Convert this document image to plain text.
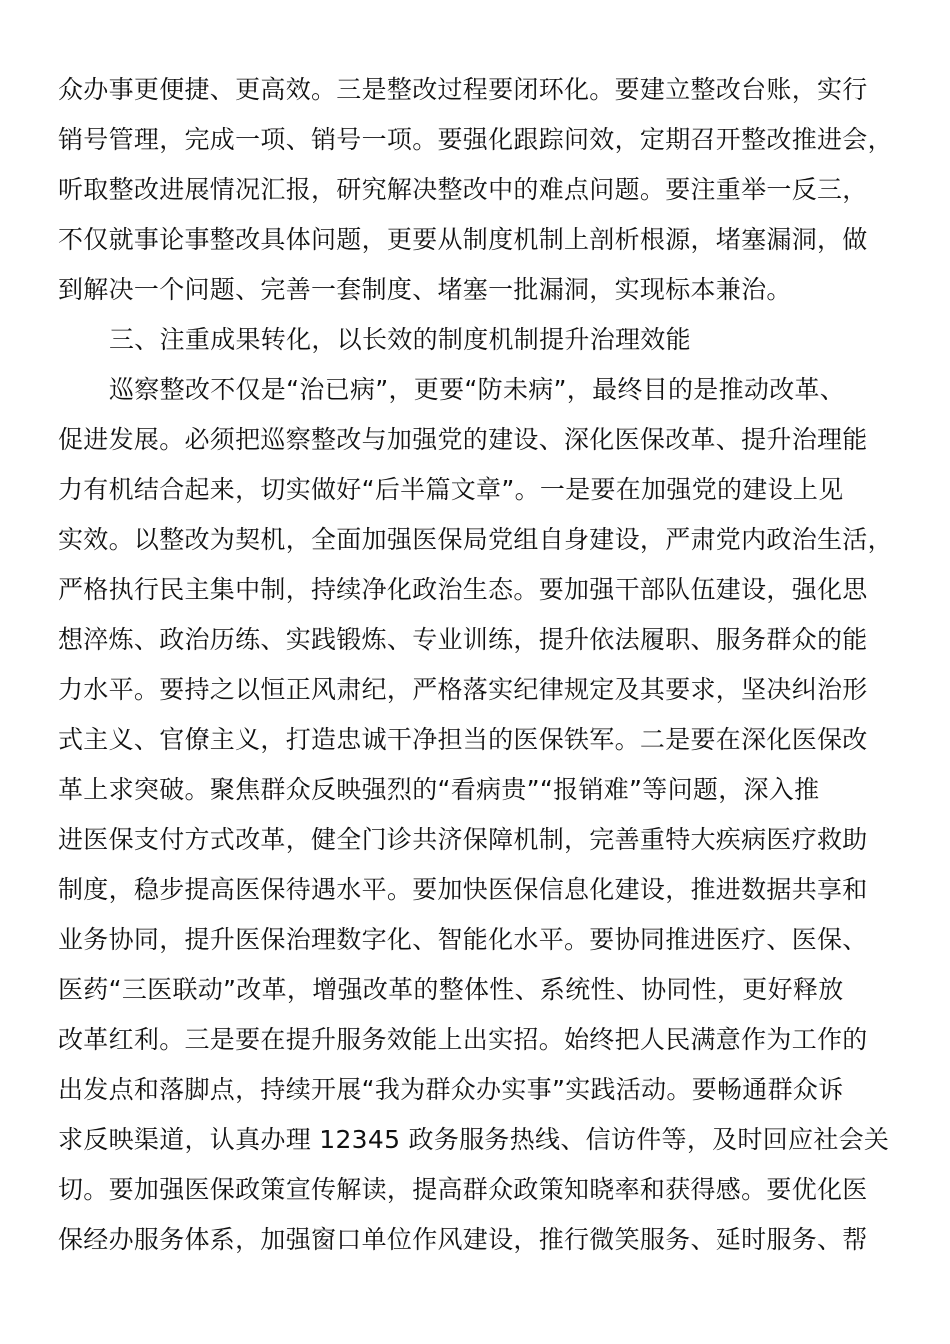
众办事更便捷、更高效。三是整改过程要闭环化。要建立整改台账，实行
销号管理，完成一项、销号一项。要强化跟踪问效，定期召开整改推进会，
听取整改进展情况汇报，研究解决整改中的难点问题。要注重举一反三，
不仅就事论事整改具体问题，更要从制度机制上剖析根源，堵塞漏洞，做
到解决一个问题、完善一套制度、堵塞一批漏洞，实现标本兼治。
三、注重成果转化，以长效的制度机制提升治理效能
巡察整改不仅是“治已病”，更要“防未病”，最终目的是推动改革、
促进发展。必须把巡察整改与加强党的建设、深化医保改革、提升治理能
力有机结合起来，切实做好“后半篇文章”。一是要在加强党的建设上见
实效。以整改为契机，全面加强医保局党组自身建设，严肃党内政治生活，
严格执行民主集中制，持续净化政治生态。要加强干部队伍建设，强化思
想淬炼、政治历练、实践锻炼、专业训练，提升依法履职、服务群众的能
力水平。要持之以恒正风肃纪，严格落实纪律规定及其要求，坚决纠治形
式主义、官僚主义，打造忠诚干净担当的医保铁军。二是要在深化医保改
革上求突破。聚焦群众反映强烈的“看病贵”“报销难”等问题，深入推
进医保支付方式改革，健全门诊共济保障机制，完善重特大疾病医疗救助
制度，稳步提高医保待遇水平。要加快医保信息化建设，推进数据共享和
业务协同，提升医保治理数字化、智能化水平。要协同推进医疗、医保、
医药“三医联动”改革，增强改革的整体性、系统性、协同性，更好释放
改革红利。三是要在提升服务效能上出实招。始终把人民满意作为工作的
出发点和落脚点，持续开展“我为群众办实事”实践活动。要畅通群众诉
求反映渠道，认真办理 12345 政务服务热线、信访件等，及时回应社会关
切。要加强医保政策宣传解读，提高群众政策知晓率和获得感。要优化医
保经办服务体系，加强窗口单位作风建设，推行微笑服务、延时服务、帮
